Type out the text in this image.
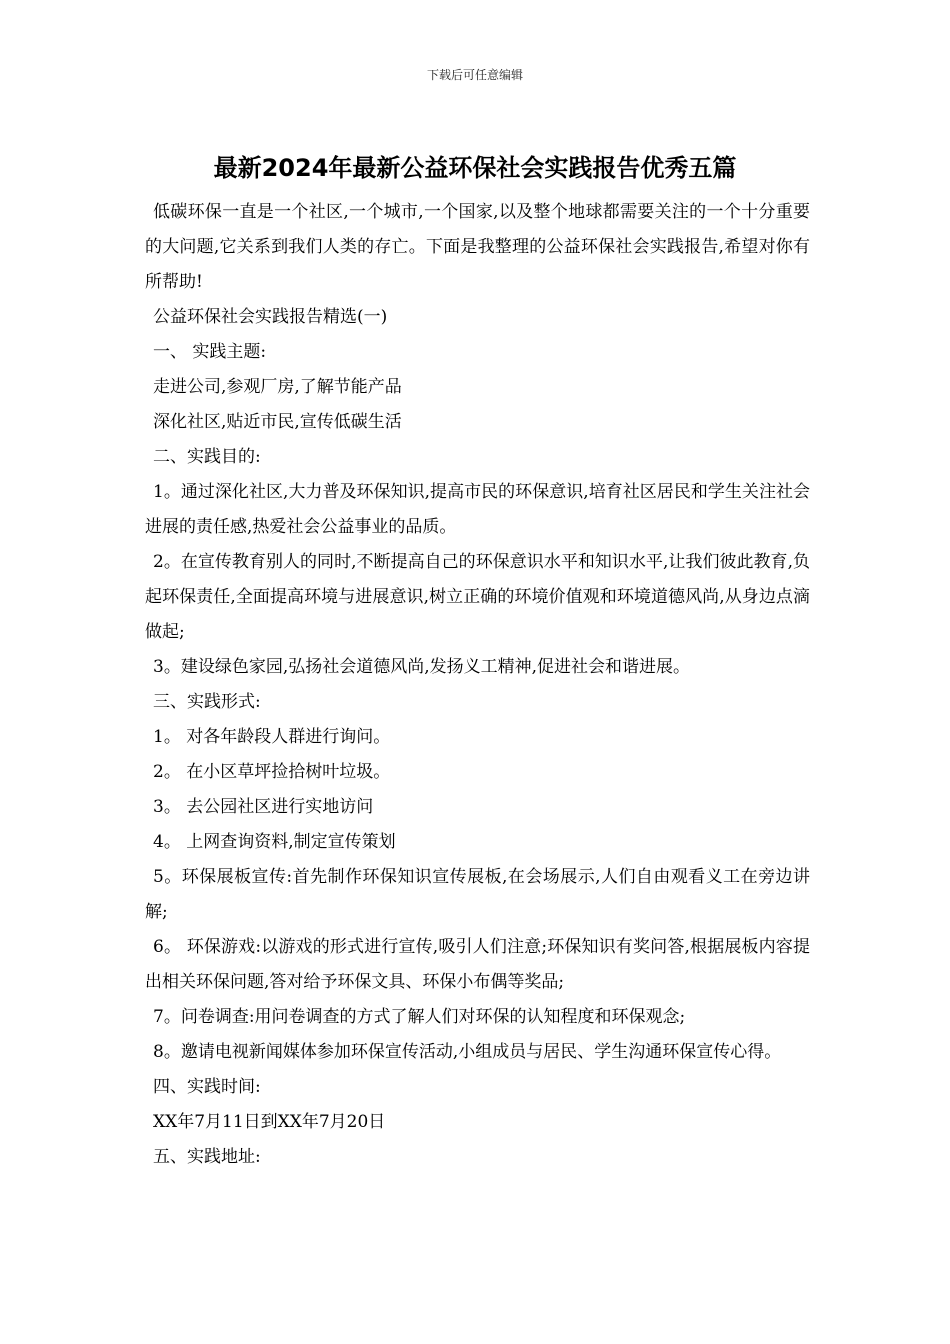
下载后可任意编辑
最新2024年最新公益环保社会实践报告优秀五篇

低碳环保一直是一个社区,一个城市,一个国家,以及整个地球都需要关注的一个十分重要的大问题,它关系到我们人类的存亡。下面是我整理的公益环保社会实践报告,希望对你有所帮助!

公益环保社会实践报告精选(一)

一、 实践主题:

走进公司,参观厂房,了解节能产品

深化社区,贴近市民,宣传低碳生活

二、实践目的:

1。通过深化社区,大力普及环保知识,提高市民的环保意识,培育社区居民和学生关注社会进展的责任感,热爱社会公益事业的品质。

2。在宣传教育别人的同时,不断提高自己的环保意识水平和知识水平,让我们彼此教育,负起环保责任,全面提高环境与进展意识,树立正确的环境价值观和环境道德风尚,从身边点滴做起;

3。建设绿色家园,弘扬社会道德风尚,发扬义工精神,促进社会和谐进展。

三、实践形式:

1。 对各年龄段人群进行询问。

2。 在小区草坪捡拾树叶垃圾。

3。 去公园社区进行实地访问

4。 上网查询资料,制定宣传策划

5。环保展板宣传:首先制作环保知识宣传展板,在会场展示,人们自由观看义工在旁边讲解;

6。 环保游戏:以游戏的形式进行宣传,吸引人们注意;环保知识有奖问答,根据展板内容提出相关环保问题,答对给予环保文具、环保小布偶等奖品;

7。问卷调查:用问卷调查的方式了解人们对环保的认知程度和环保观念;

8。邀请电视新闻媒体参加环保宣传活动,小组成员与居民、学生沟通环保宣传心得。

四、实践时间:

XX年7月11日到XX年7月20日

五、实践地址:
